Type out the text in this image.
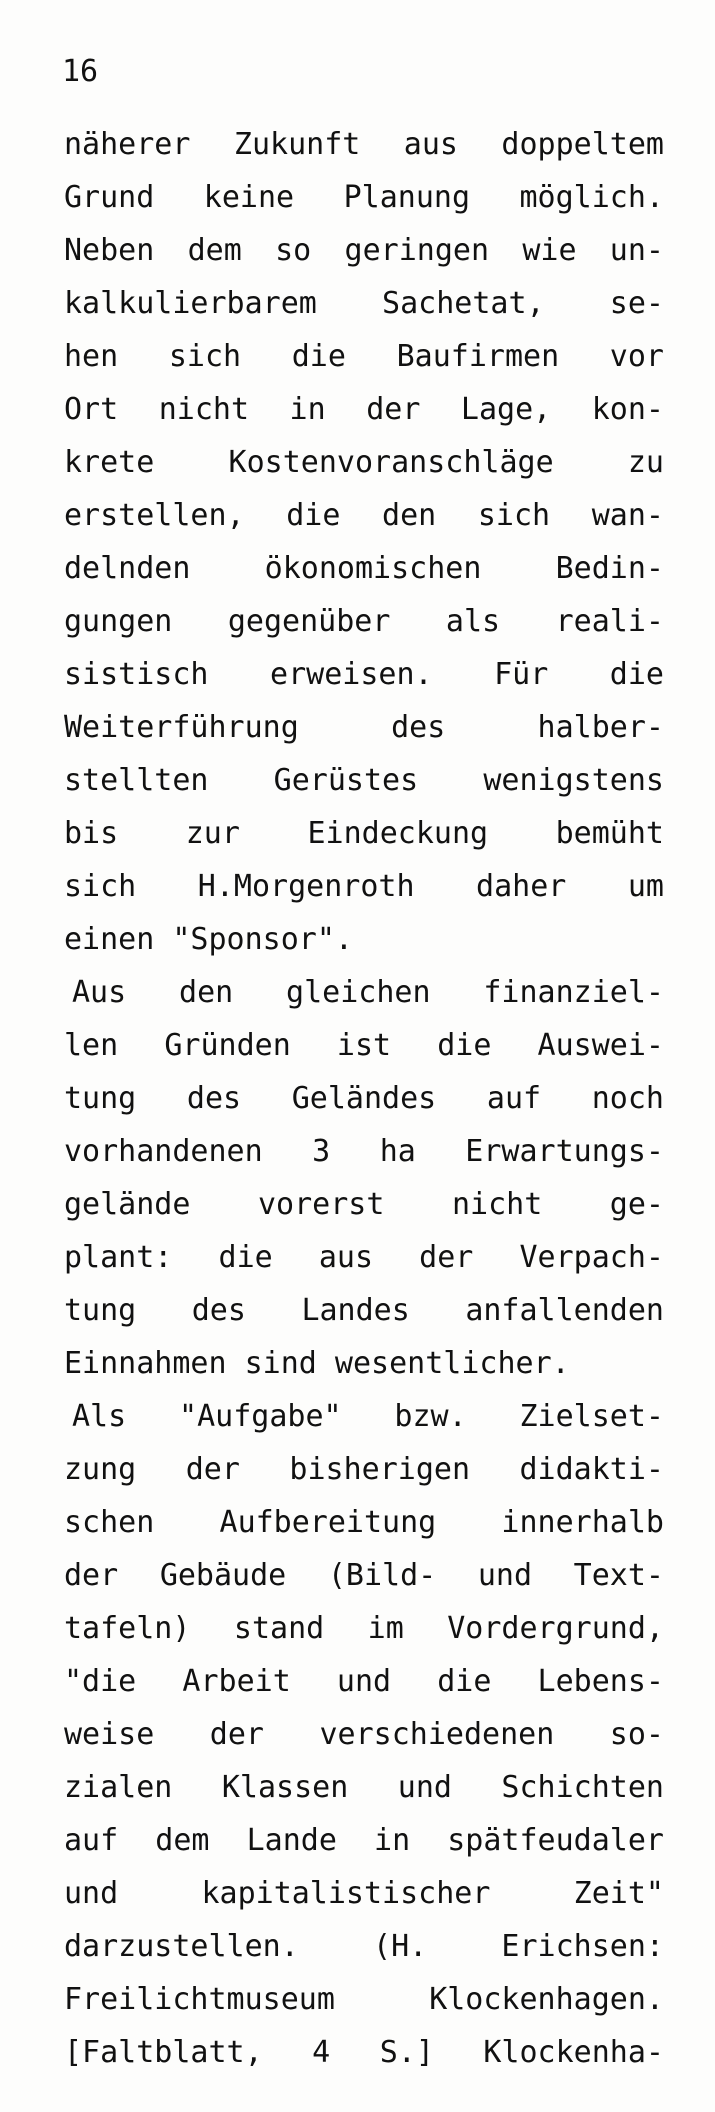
16

näherer Zukunft aus doppeltem
Grund keine Planung möglich.
Neben dem so geringen wie un-
kalkulierbarem Sachetat, se-
hen sich die Baufirmen vor
Ort nicht in der Lage, kon-
krete Kostenvoranschläge zu
erstellen, die den sich wan-
delnden ökonomischen Bedin-
gungen gegenüber als reali-
sistisch erweisen. Für die
Weiterführung des halber-
stellten Gerüstes wenigstens
bis zur Eindeckung bemüht
sich H.Morgenroth daher um
einen "Sponsor".
Aus den gleichen finanziel-
len Gründen ist die Auswei-
tung des Geländes auf noch
vorhandenen 3 ha Erwartungs-
gelände vorerst nicht ge-
plant: die aus der Verpach-
tung des Landes anfallenden
Einnahmen sind wesentlicher.
Als "Aufgabe" bzw. Zielset-
zung der bisherigen didakti-
schen Aufbereitung innerhalb
der Gebäude (Bild- und Text-
tafeln) stand im Vordergrund,
"die Arbeit und die Lebens-
weise der verschiedenen so-
zialen Klassen und Schichten
auf dem Lande in spätfeudaler
und kapitalistischer Zeit"
darzustellen. (H. Erichsen:
Freilichtmuseum Klockenhagen.
[Faltblatt, 4 S.] Klockenha-
